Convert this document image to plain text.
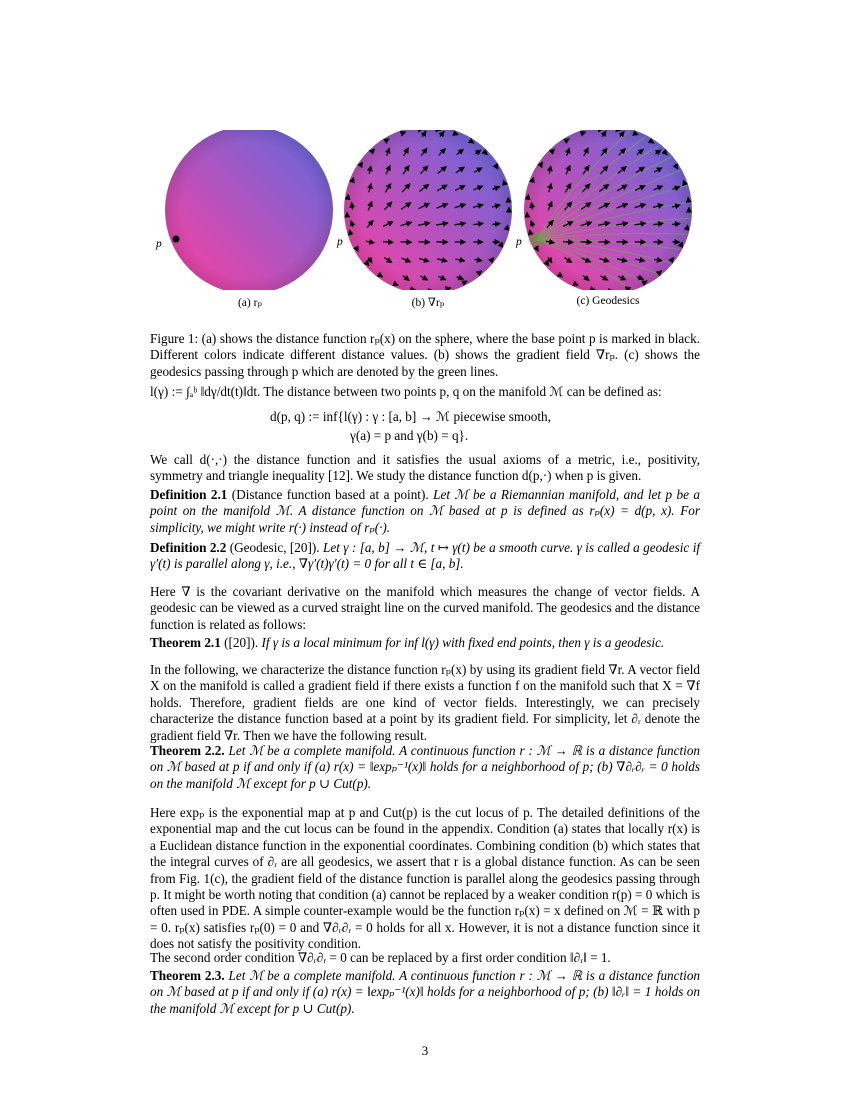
p	p	p
(a) rₚ	(b) ∇rₚ	(c) Geodesics
Figure 1: (a) shows the distance function rₚ(x) on the sphere, where the base point p is marked in black. Different colors indicate different distance values. (b) shows the gradient field ∇rₚ. (c) shows the geodesics passing through p which are denoted by the green lines.
l(γ) := ∫ₐᵇ ‖dγ/dt(t)‖dt. The distance between two points p, q on the manifold ℳ can be defined as:
d(p, q) := inf{l(γ) : γ : [a, b] → ℳ piecewise smooth,
γ(a) = p and γ(b) = q}.
We call d(·,·) the distance function and it satisfies the usual axioms of a metric, i.e., positivity, symmetry and triangle inequality [12]. We study the distance function d(p,·) when p is given.
Definition 2.1 (Distance function based at a point). Let ℳ be a Riemannian manifold, and let p be a point on the manifold ℳ. A distance function on ℳ based at p is defined as rₚ(x) = d(p, x). For simplicity, we might write r(·) instead of rₚ(·).
Definition 2.2 (Geodesic, [20]). Let γ : [a, b] → ℳ, t ↦ γ(t) be a smooth curve. γ is called a geodesic if γ′(t) is parallel along γ, i.e., ∇γ′(t)γ′(t) = 0 for all t ∈ [a, b].
Here ∇ is the covariant derivative on the manifold which measures the change of vector fields. A geodesic can be viewed as a curved straight line on the curved manifold. The geodesics and the distance function is related as follows:
Theorem 2.1 ([20]). If γ is a local minimum for inf l(γ) with fixed end points, then γ is a geodesic.
In the following, we characterize the distance function rₚ(x) by using its gradient field ∇r. A vector field X on the manifold is called a gradient field if there exists a function f on the manifold such that X = ∇f holds. Therefore, gradient fields are one kind of vector fields. Interestingly, we can precisely characterize the distance function based at a point by its gradient field. For simplicity, let ∂ᵣ denote the gradient field ∇r. Then we have the following result.
Theorem 2.2. Let ℳ be a complete manifold. A continuous function r : ℳ → ℝ is a distance function on ℳ based at p if and only if (a) r(x) = ‖expₚ⁻¹(x)‖ holds for a neighborhood of p; (b) ∇∂ᵣ∂ᵣ = 0 holds on the manifold ℳ except for p ∪ Cut(p).
Here expₚ is the exponential map at p and Cut(p) is the cut locus of p. The detailed definitions of the exponential map and the cut locus can be found in the appendix. Condition (a) states that locally r(x) is a Euclidean distance function in the exponential coordinates. Combining condition (b) which states that the integral curves of ∂ᵣ are all geodesics, we assert that r is a global distance function. As can be seen from Fig. 1(c), the gradient field of the distance function is parallel along the geodesics passing through p. It might be worth noting that condition (a) cannot be replaced by a weaker condition r(p) = 0 which is often used in PDE. A simple counter-example would be the function rₚ(x) = x defined on ℳ = ℝ with p = 0. rₚ(x) satisfies rₚ(0) = 0 and ∇∂ᵣ∂ᵣ = 0 holds for all x. However, it is not a distance function since it does not satisfy the positivity condition.
The second order condition ∇∂ᵣ∂ᵣ = 0 can be replaced by a first order condition ‖∂ᵣ‖ = 1.
Theorem 2.3. Let ℳ be a complete manifold. A continuous function r : ℳ → ℝ is a distance function on ℳ based at p if and only if (a) r(x) = ‖expₚ⁻¹(x)‖ holds for a neighborhood of p; (b) ‖∂ᵣ‖ = 1 holds on the manifold ℳ except for p ∪ Cut(p).
3
